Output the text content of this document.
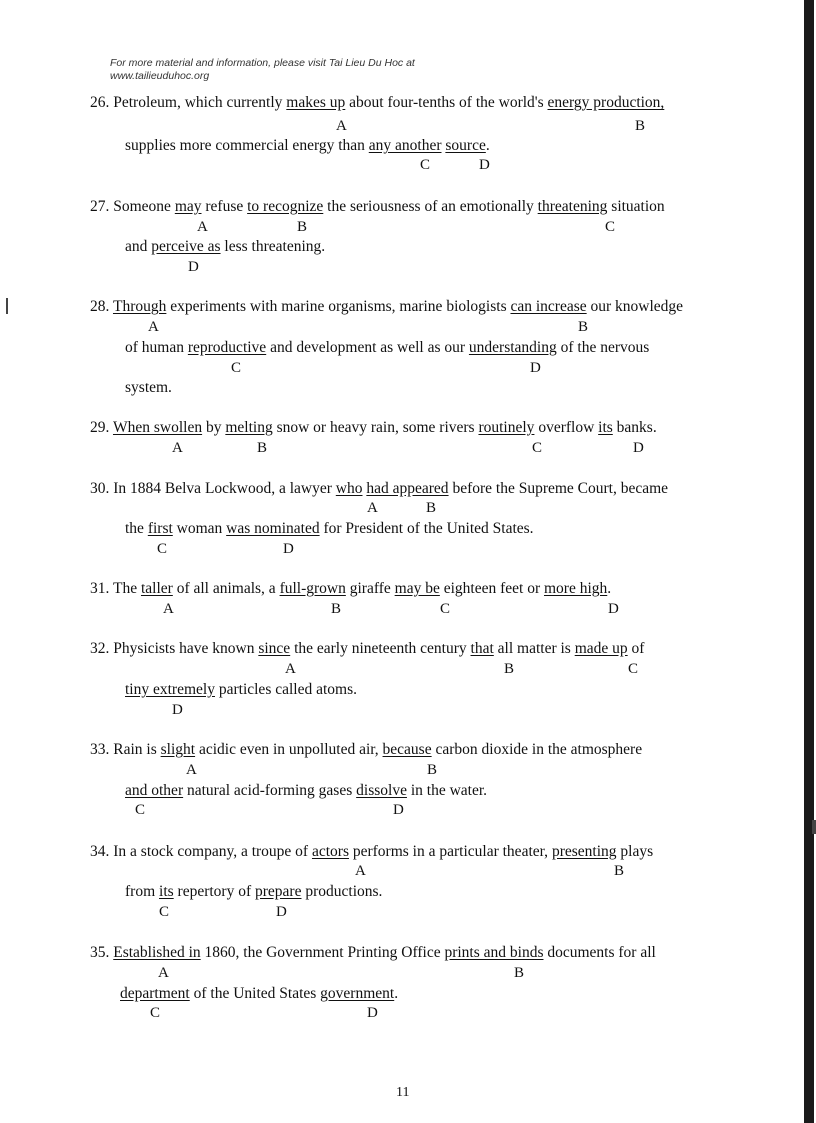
For more material and information, please visit Tai Lieu Du Hoc at
www.tailieuduhoc.org
26. Petroleum, which currently makes up about four-tenths of the world's energy production,
A	B
supplies more commercial energy than any another source.
C	D
27. Someone may refuse to recognize the seriousness of an emotionally threatening situation
A	B	C
and perceive as less threatening.
D
28. Through experiments with marine organisms, marine biologists can increase our knowledge
A	B
of human reproductive and development as well as our understanding of the nervous
C	D
system.
29. When swollen by melting snow or heavy rain, some rivers routinely overflow its banks.
A	B	C	D
30. In 1884 Belva Lockwood, a lawyer who had appeared before the Supreme Court, became
A	B
the first woman was nominated for President of the United States.
C	D
31. The taller of all animals, a full-grown giraffe may be eighteen feet or more high.
A	B	C	D
32. Physicists have known since the early nineteenth century that all matter is made up of
A	B	C
tiny extremely particles called atoms.
D
33. Rain is slight acidic even in unpolluted air, because carbon dioxide in the atmosphere
A	B
and other natural acid-forming gases dissolve in the water.
C	D
34. In a stock company, a troupe of actors performs in a particular theater, presenting plays
A	B
from its repertory of prepare productions.
C	D
35. Established in 1860, the Government Printing Office prints and binds documents for all
A	B
department of the United States government.
C	D
11
